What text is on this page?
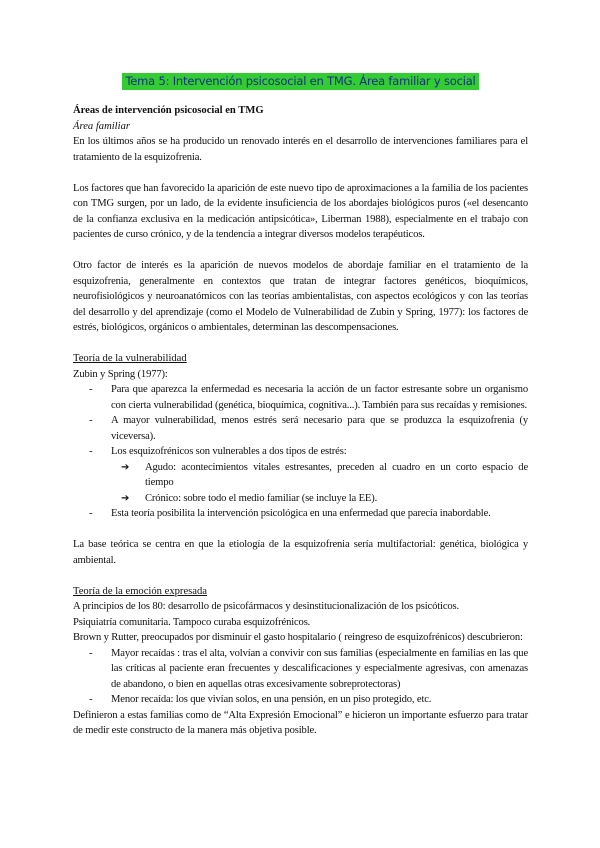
Tema 5: Intervención psicosocial en TMG. Área familiar y social

Áreas de intervención psicosocial en TMG

Área familiar

En los últimos años se ha producido un renovado interés en el desarrollo de intervenciones familiares para el tratamiento de la esquizofrenia.

Los factores que han favorecido la aparición de este nuevo tipo de aproximaciones a la familia de los pacientes con TMG surgen, por un lado, de la evidente insuficiencia de los abordajes biológicos puros («el desencanto de la confianza exclusiva en la medicación antipsicótica», Liberman 1988), especialmente en el trabajo con pacientes de curso crónico, y de la tendencia a integrar diversos modelos terapéuticos.

Otro factor de interés es la aparición de nuevos modelos de abordaje familiar en el tratamiento de la esquizofrenia, generalmente en contextos que tratan de integrar factores genéticos, bioquímicos, neurofisiológicos y neuroanatómicos con las teorías ambientalistas, con aspectos ecológicos y con las teorías del desarrollo y del aprendizaje (como el Modelo de Vulnerabilidad de Zubin y Spring, 1977): los factores de estrés, biológicos, orgánicos o ambientales, determinan las descompensaciones.

Teoría de la vulnerabilidad

Zubin y Spring (1977):

- Para que aparezca la enfermedad es necesaria la acción de un factor estresante sobre un organismo con cierta vulnerabilidad (genética, bioquímica, cognitiva...). También para sus recaídas y remisiones.
- A mayor vulnerabilidad, menos estrés será necesario para que se produzca la esquizofrenia (y viceversa).
- Los esquizofrénicos son vulnerables a dos tipos de estrés:
➔ Agudo: acontecimientos vitales estresantes, preceden al cuadro en un corto espacio de tiempo
➔ Crónico: sobre todo el medio familiar (se incluye la EE).
- Esta teoría posibilita la intervención psicológica en una enfermedad que parecía inabordable.

La base teórica se centra en que la etiología de la esquizofrenia sería multifactorial: genética, biológica y ambiental.

Teoría de la emoción expresada

A principios de los 80: desarrollo de psicofármacos y desinstitucionalización de los psicóticos.

Psiquiatría comunitaria. Tampoco curaba esquizofrénicos.

Brown y Rutter, preocupados por disminuir el gasto hospitalario ( reingreso de esquizofrénicos) descubrieron:

- Mayor recaídas : tras el alta, volvían a convivir con sus familias (especialmente en familias en las que las críticas al paciente eran frecuentes y descalificaciones y especialmente agresivas, con amenazas de abandono, o bien en aquellas otras excesivamente sobreprotectoras)
- Menor recaída: los que vivían solos, en una pensión, en un piso protegido, etc.

Definieron a estas familias como de “Alta Expresión Emocional” e hicieron un importante esfuerzo para tratar de medir este constructo de la manera más objetiva posible.
